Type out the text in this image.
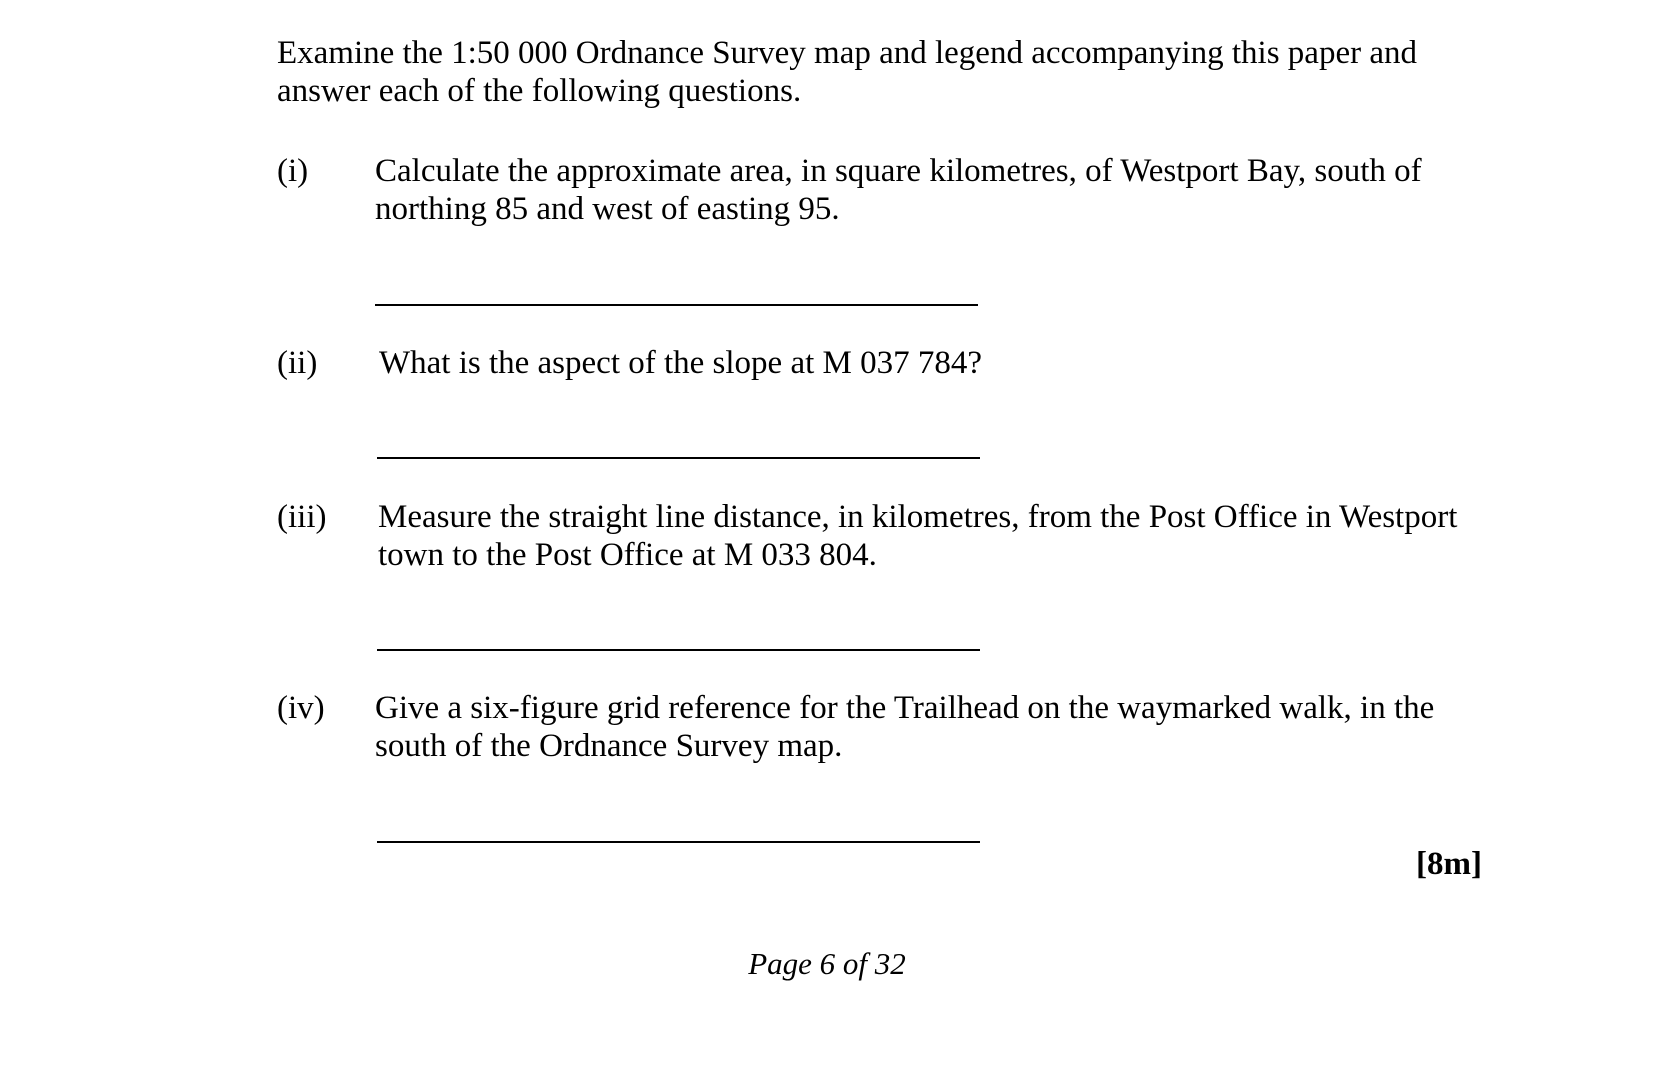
Examine the 1:50 000 Ordnance Survey map and legend accompanying this paper and answer each of the following questions.

(i) Calculate the approximate area, in square kilometres, of Westport Bay, south of northing 85 and west of easting 95.

(ii) What is the aspect of the slope at M 037 784?

(iii) Measure the straight line distance, in kilometres, from the Post Office in Westport town to the Post Office at M 033 804.

(iv) Give a six-figure grid reference for the Trailhead on the waymarked walk, in the south of the Ordnance Survey map.

[8m]
Page 6 of 32
